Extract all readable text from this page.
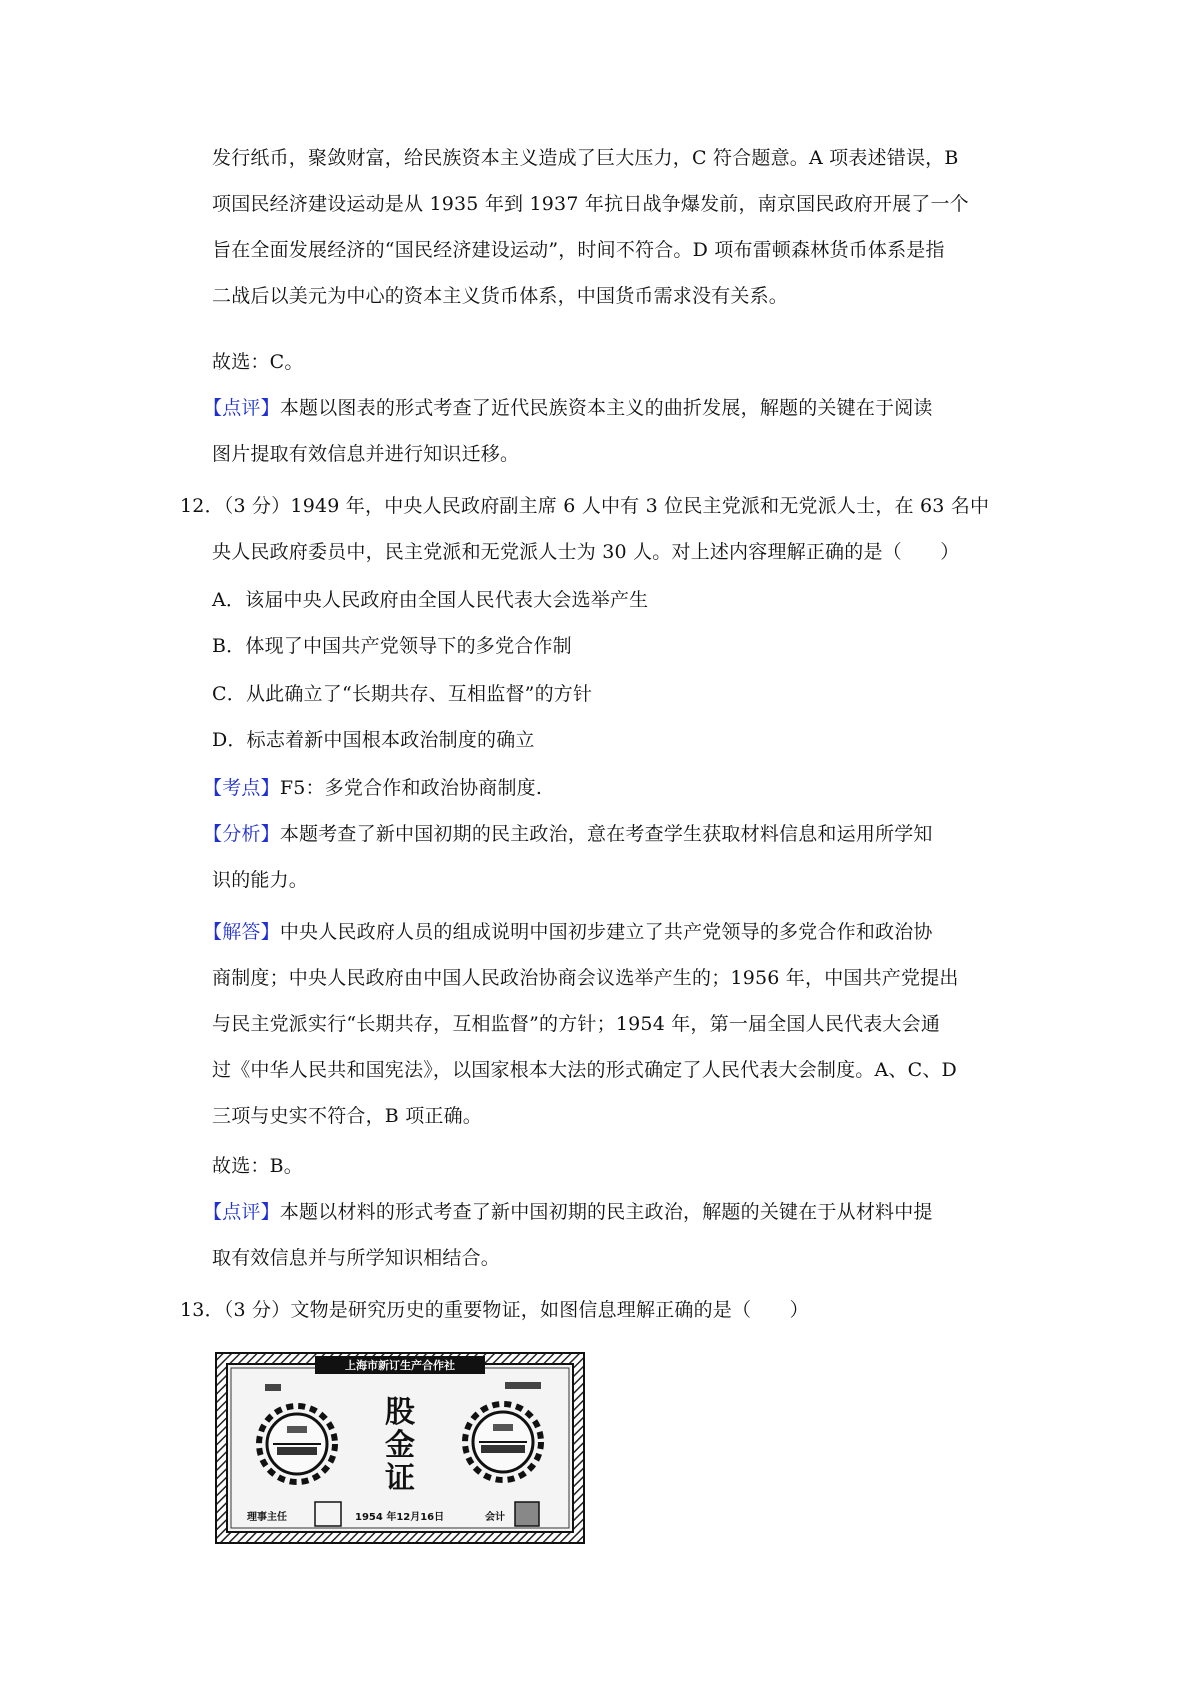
发行纸币，聚敛财富，给民族资本主义造成了巨大压力，C 符合题意。A 项表述错误，B
项国民经济建设运动是从 1935 年到 1937 年抗日战争爆发前，南京国民政府开展了一个
旨在全面发展经济的“国民经济建设运动”，时间不符合。D 项布雷顿森林货币体系是指
二战后以美元为中心的资本主义货币体系，中国货币需求没有关系。
故选：C。
【点评】本题以图表的形式考查了近代民族资本主义的曲折发展，解题的关键在于阅读
图片提取有效信息并进行知识迁移。
12．（3 分）1949 年，中央人民政府副主席 6 人中有 3 位民主党派和无党派人士，在 63 名中
央人民政府委员中，民主党派和无党派人士为 30 人。对上述内容理解正确的是（　　）
A．该届中央人民政府由全国人民代表大会选举产生
B．体现了中国共产党领导下的多党合作制
C．从此确立了“长期共存、互相监督”的方针
D．标志着新中国根本政治制度的确立
【考点】F5：多党合作和政治协商制度.
【分析】本题考查了新中国初期的民主政治，意在考查学生获取材料信息和运用所学知
识的能力。
【解答】中央人民政府人员的组成说明中国初步建立了共产党领导的多党合作和政治协
商制度；中央人民政府由中国人民政治协商会议选举产生的；1956 年，中国共产党提出
与民主党派实行“长期共存，互相监督”的方针；1954 年，第一届全国人民代表大会通
过《中华人民共和国宪法》，以国家根本大法的形式确定了人民代表大会制度。A、C、D
三项与史实不符合，B 项正确。
故选：B。
【点评】本题以材料的形式考查了新中国初期的民主政治，解题的关键在于从材料中提
取有效信息并与所学知识相结合。
13．（3 分）文物是研究历史的重要物证，如图信息理解正确的是（　　）
上海市新订生产合作社
股
金
证
理事主任	1954 年12月16日	会计
